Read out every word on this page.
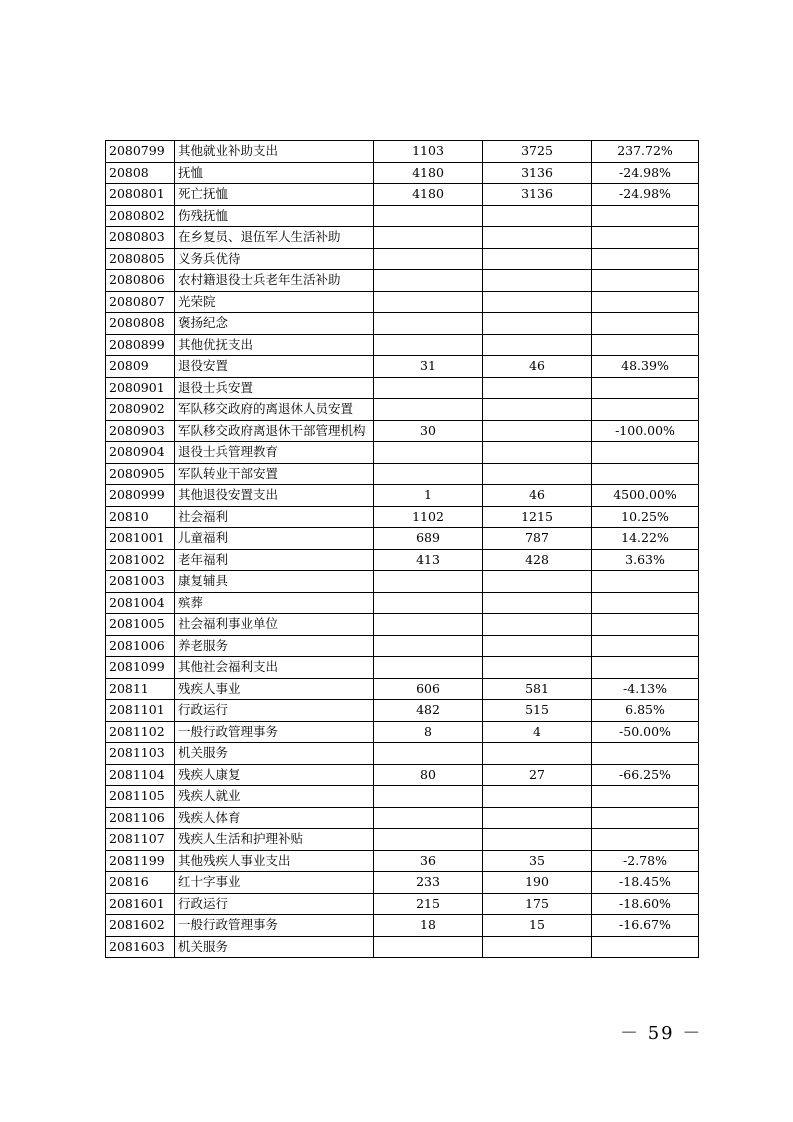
2080799	其他就业补助支出	1103	3725	237.72%
20808	抚恤	4180	3136	-24.98%
2080801	死亡抚恤	4180	3136	-24.98%
2080802	伤残抚恤			
2080803	在乡复员、退伍军人生活补助			
2080805	义务兵优待			
2080806	农村籍退役士兵老年生活补助			
2080807	光荣院			
2080808	褒扬纪念			
2080899	其他优抚支出			
20809	退役安置	31	46	48.39%
2080901	退役士兵安置			
2080902	军队移交政府的离退休人员安置			
2080903	军队移交政府离退休干部管理机构	30		-100.00%
2080904	退役士兵管理教育			
2080905	军队转业干部安置			
2080999	其他退役安置支出	1	46	4500.00%
20810	社会福利	1102	1215	10.25%
2081001	儿童福利	689	787	14.22%
2081002	老年福利	413	428	3.63%
2081003	康复辅具			
2081004	殡葬			
2081005	社会福利事业单位			
2081006	养老服务			
2081099	其他社会福利支出			
20811	残疾人事业	606	581	-4.13%
2081101	行政运行	482	515	6.85%
2081102	一般行政管理事务	8	4	-50.00%
2081103	机关服务			
2081104	残疾人康复	80	27	-66.25%
2081105	残疾人就业			
2081106	残疾人体育			
2081107	残疾人生活和护理补贴			
2081199	其他残疾人事业支出	36	35	-2.78%
20816	红十字事业	233	190	-18.45%
2081601	行政运行	215	175	-18.60%
2081602	一般行政管理事务	18	15	-16.67%
2081603	机关服务			
－ 59 －
